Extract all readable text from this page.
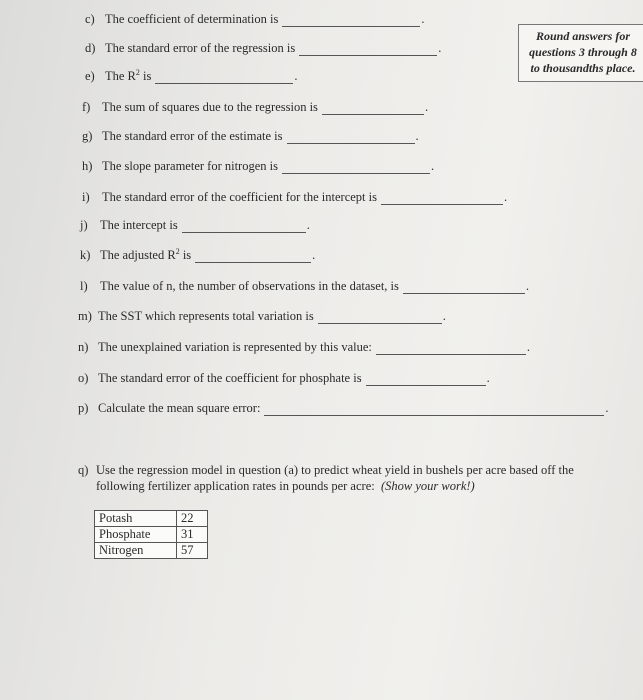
Round answers for
questions 3 through 8
to thousandths place.
c) The coefficient of determination is	.
d) The standard error of the regression is	.
e) The $R^2$ is	.
f) The sum of squares due to the regression is	.
g) The standard error of the estimate is	.
h) The slope parameter for nitrogen is	.
i) The standard error of the coefficient for the intercept is	.
j) The intercept is	.
k) The adjusted $R^2$ is	.
l) The value of n, the number of observations in the dataset, is	.
m) The SST which represents total variation is	.
n) The unexplained variation is represented by this value:	.
o) The standard error of the coefficient for phosphate is	.
p) Calculate the mean square error:	.
q) Use the regression model in question (a) to predict wheat yield in bushels per acre based off the
following fertilizer application rates in pounds per acre: (Show your work!)
Potash	22
Phosphate	31
Nitrogen	57
